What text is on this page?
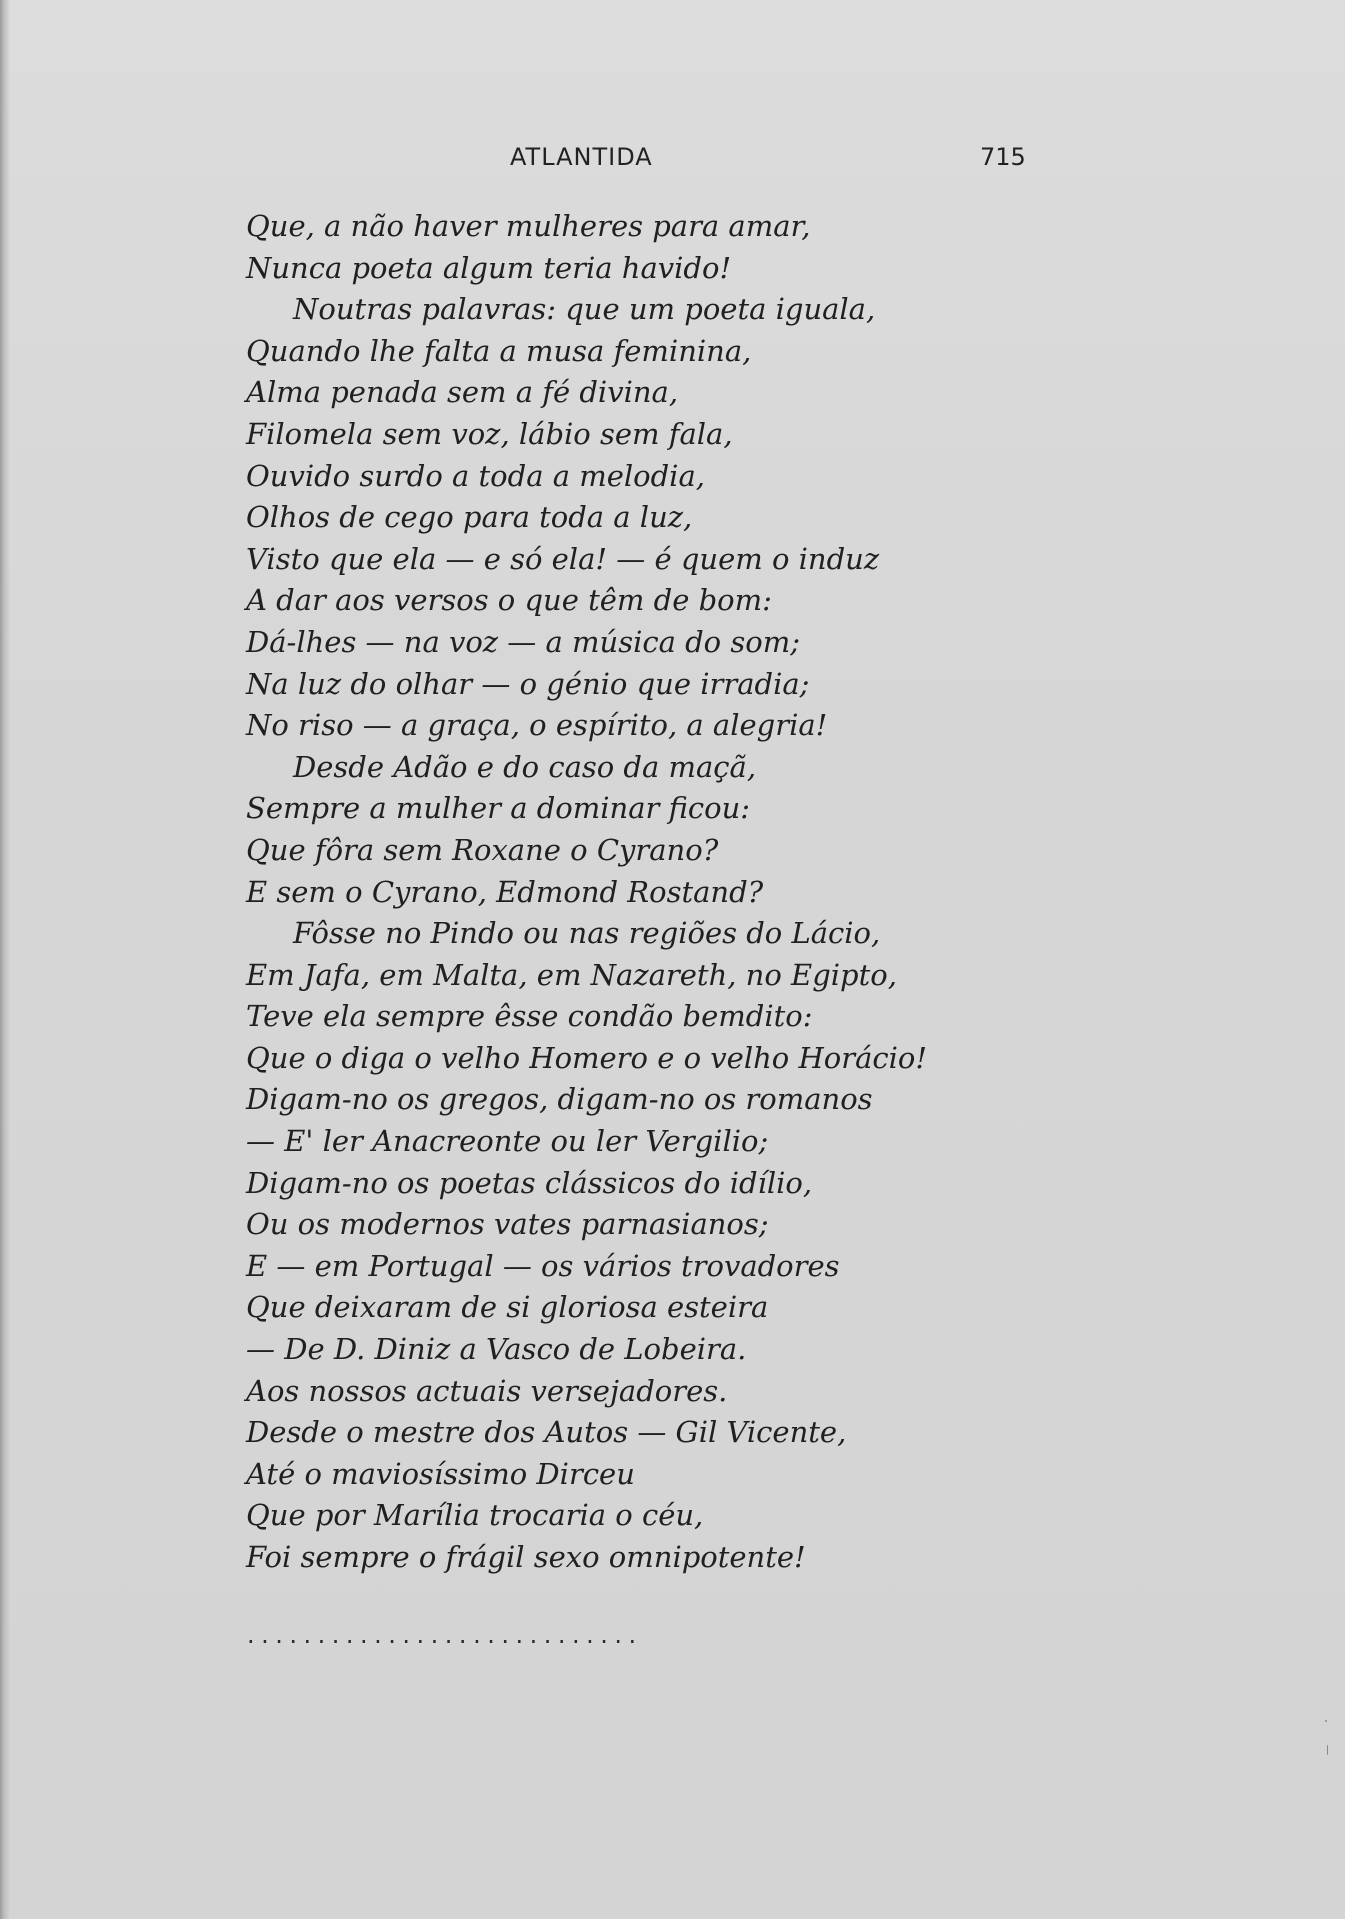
ATLANTIDA	715
Que, a não haver mulheres para amar,
Nunca poeta algum teria havido!
Noutras palavras: que um poeta iguala,
Quando lhe falta a musa feminina,
Alma penada sem a fé divina,
Filomela sem voz, lábio sem fala,
Ouvido surdo a toda a melodia,
Olhos de cego para toda a luz,
Visto que ela — e só ela! — é quem o induz
A dar aos versos o que têm de bom:
Dá-lhes — na voz — a música do som;
Na luz do olhar — o génio que irradia;
No riso — a graça, o espírito, a alegria!
Desde Adão e do caso da maçã,
Sempre a mulher a dominar ficou:
Que fôra sem Roxane o Cyrano?
E sem o Cyrano, Edmond Rostand?
Fôsse no Pindo ou nas regiões do Lácio,
Em Jafa, em Malta, em Nazareth, no Egipto,
Teve ela sempre êsse condão bemdito:
Que o diga o velho Homero e o velho Horácio!
Digam-no os gregos, digam-no os romanos
— E' ler Anacreonte ou ler Vergilio;
Digam-no os poetas clássicos do idílio,
Ou os modernos vates parnasianos;
E — em Portugal — os vários trovadores
Que deixaram de si gloriosa esteira
— De D. Diniz a Vasco de Lobeira.
Aos nossos actuais versejadores.
Desde o mestre dos Autos — Gil Vicente,
Até o maviosíssimo Dirceu
Que por Marília trocaria o céu,
Foi sempre o frágil sexo omnipotente!
............................
